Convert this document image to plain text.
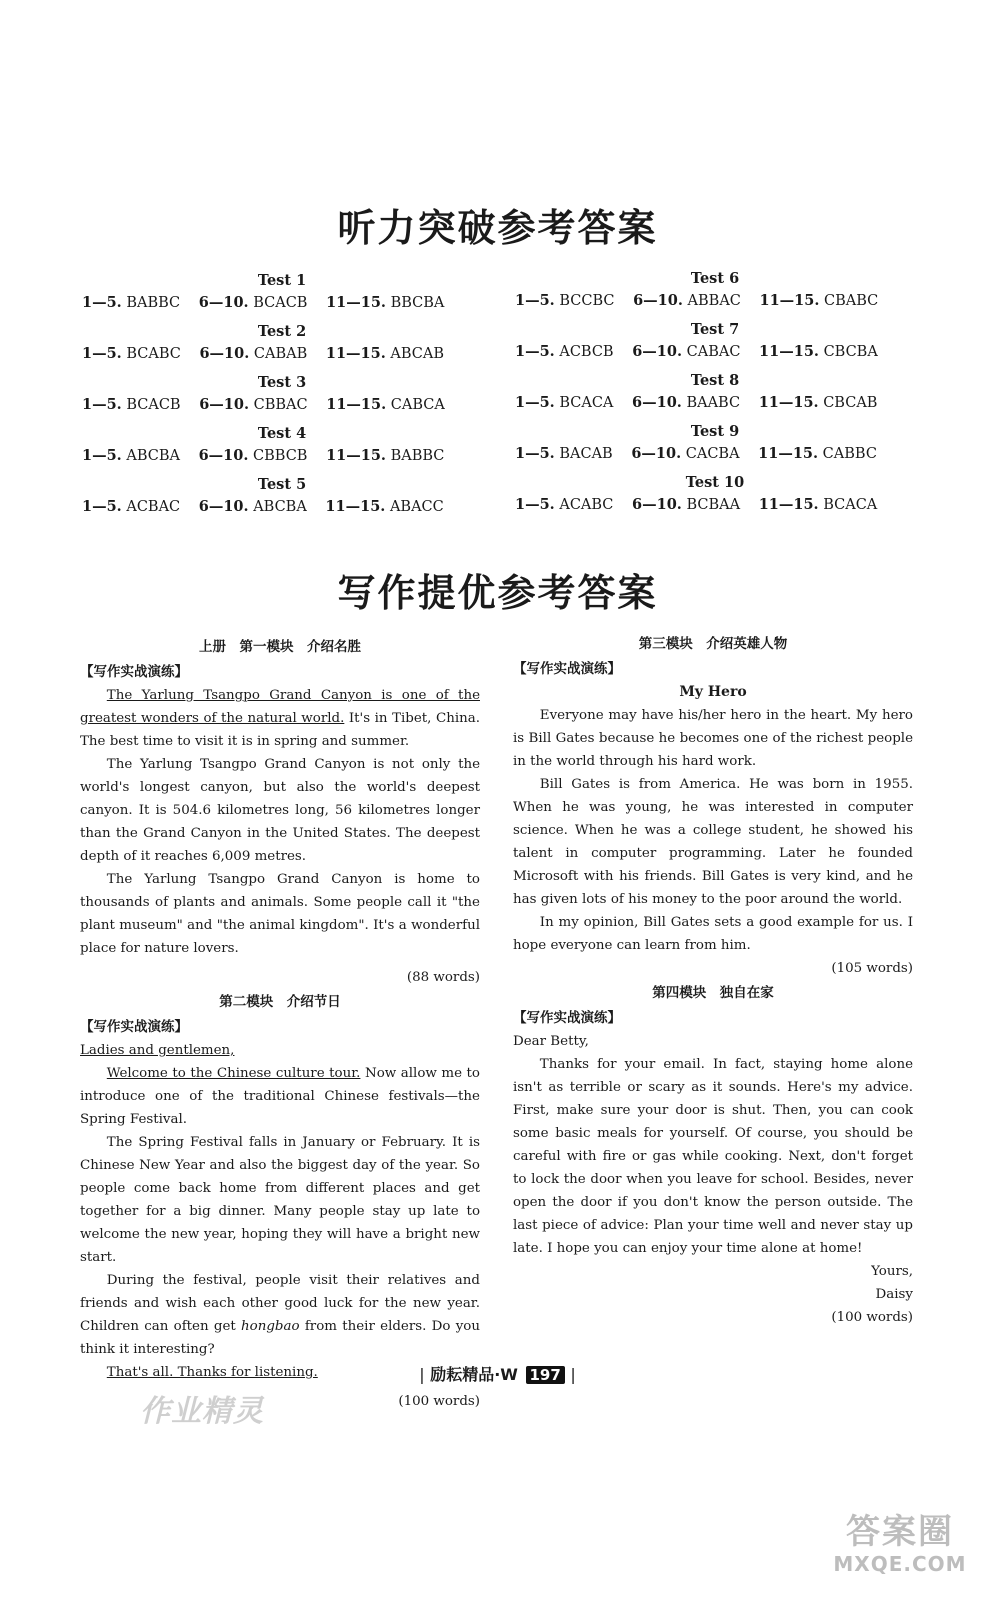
听力突破参考答案
Test 1
1—5. BABBC 6—10. BCACB 11—15. BBCBA
Test 2
1—5. BCABC 6—10. CABAB 11—15. ABCAB
Test 3
1—5. BCACB 6—10. CBBAC 11—15. CABCA
Test 4
1—5. ABCBA 6—10. CBBCB 11—15. BABBC
Test 5
1—5. ACBAC 6—10. ABCBA 11—15. ABACC
Test 6
1—5. BCCBC 6—10. ABBAC 11—15. CBABC
Test 7
1—5. ACBCB 6—10. CABAC 11—15. CBCBA
Test 8
1—5. BCACA 6—10. BAABC 11—15. CBCAB
Test 9
1—5. BACAB 6—10. CACBA 11—15. CABBC
Test 10
1—5. ACABC 6—10. BCBAA 11—15. BCACA
写作提优参考答案
上册　第一模块　介绍名胜
【写作实战演练】

The Yarlung Tsangpo Grand Canyon is one of the greatest wonders of the natural world. It's in Tibet, China. The best time to visit it is in spring and summer.

The Yarlung Tsangpo Grand Canyon is not only the world's longest canyon, but also the world's deepest canyon. It is 504.6 kilometres long, 56 kilometres longer than the Grand Canyon in the United States. The deepest depth of it reaches 6,009 metres.

The Yarlung Tsangpo Grand Canyon is home to thousands of plants and animals. Some people call it "the plant museum" and "the animal kingdom". It's a wonderful place for nature lovers.

(88 words)
第二模块　介绍节日
【写作实战演练】

Ladies and gentlemen,

Welcome to the Chinese culture tour. Now allow me to introduce one of the traditional Chinese festivals—the Spring Festival.

The Spring Festival falls in January or February. It is Chinese New Year and also the biggest day of the year. So people come back home from different places and get together for a big dinner. Many people stay up late to welcome the new year, hoping they will have a bright new start.

During the festival, people visit their relatives and friends and wish each other good luck for the new year. Children can often get hongbao from their elders. Do you think it interesting?

That's all. Thanks for listening.

(100 words)
第三模块　介绍英雄人物
【写作实战演练】
My Hero

Everyone may have his/her hero in the heart. My hero is Bill Gates because he becomes one of the richest people in the world through his hard work.

Bill Gates is from America. He was born in 1955. When he was young, he was interested in computer science. When he was a college student, he showed his talent in computer programming. Later he founded Microsoft with his friends. Bill Gates is very kind, and he has given lots of his money to the poor around the world.

In my opinion, Bill Gates sets a good example for us. I hope everyone can learn from him.

(105 words)
第四模块　独自在家
【写作实战演练】

Dear Betty,

Thanks for your email. In fact, staying home alone isn't as terrible or scary as it sounds. Here's my advice. First, make sure your door is shut. Then, you can cook some basic meals for yourself. Of course, you should be careful with fire or gas while cooking. Next, don't forget to lock the door when you leave for school. Besides, never open the door if you don't know the person outside. The last piece of advice: Plan your time well and never stay up late. I hope you can enjoy your time alone at home!

Yours,
Daisy
(100 words)
| 励耘精品·W 197 |
作业精灵
答案圈
MXQE.COM
